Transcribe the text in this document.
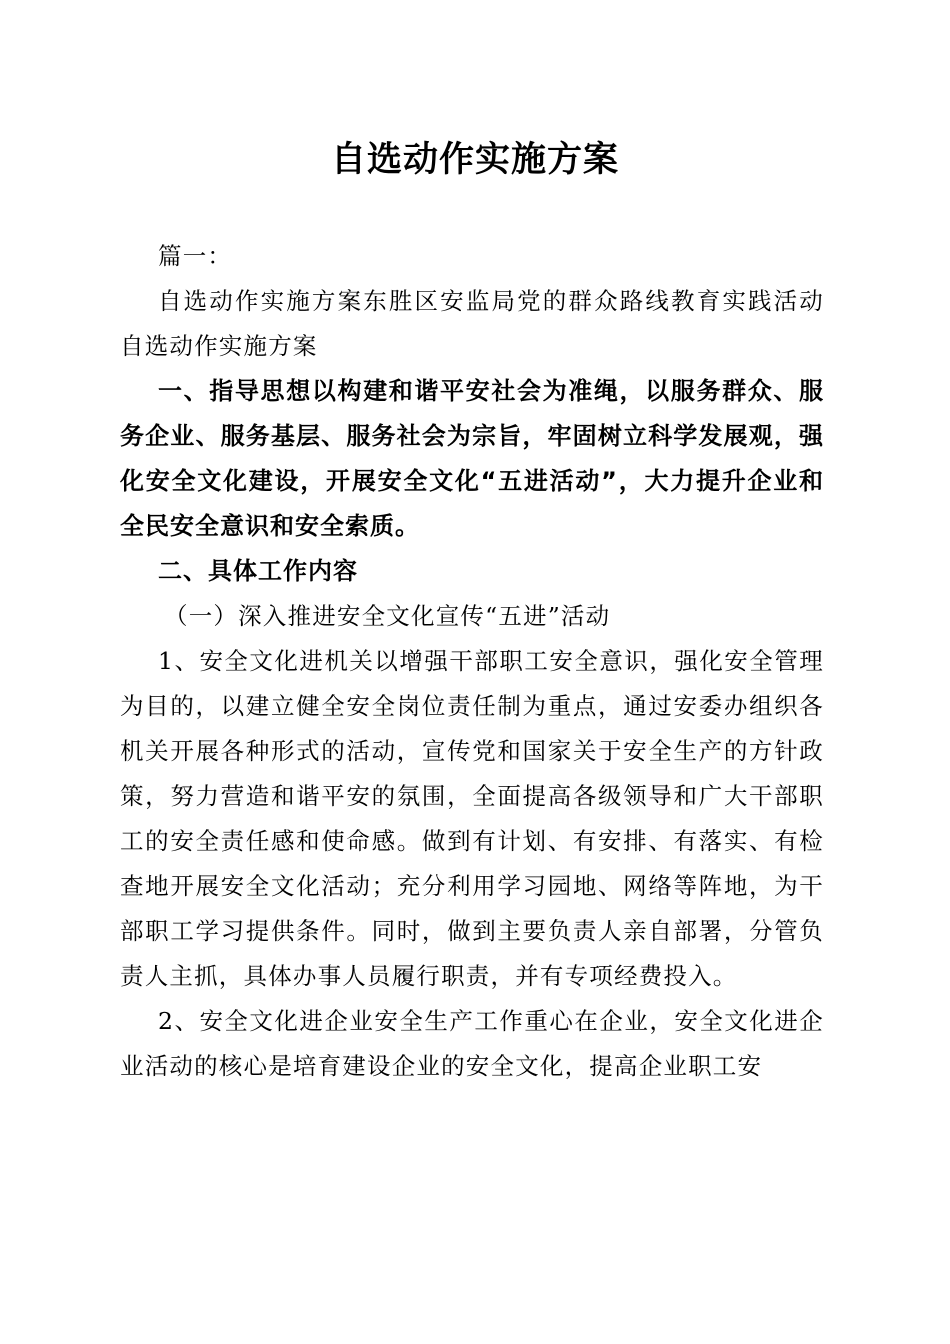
自选动作实施方案

篇一：

自选动作实施方案东胜区安监局党的群众路线教育实践活动自选动作实施方案

一、指导思想以构建和谐平安社会为准绳，以服务群众、服务企业、服务基层、服务社会为宗旨，牢固树立科学发展观，强化安全文化建设，开展安全文化“五进活动”，大力提升企业和全民安全意识和安全索质。

二、具体工作内容

（一）深入推进安全文化宣传“五进”活动

1、安全文化进机关以增强干部职工安全意识，强化安全管理为目的，以建立健全安全岗位责任制为重点，通过安委办组织各机关开展各种形式的活动，宣传党和国家关于安全生产的方针政策，努力营造和谐平安的氛围，全面提高各级领导和广大干部职工的安全责任感和使命感。做到有计划、有安排、有落实、有检查地开展安全文化活动；充分利用学习园地、网络等阵地，为干部职工学习提供条件。同时，做到主要负责人亲自部署，分管负责人主抓，具体办事人员履行职责，并有专项经费投入。

2、安全文化进企业安全生产工作重心在企业，安全文化进企业活动的核心是培育建设企业的安全文化，提高企业职工安
